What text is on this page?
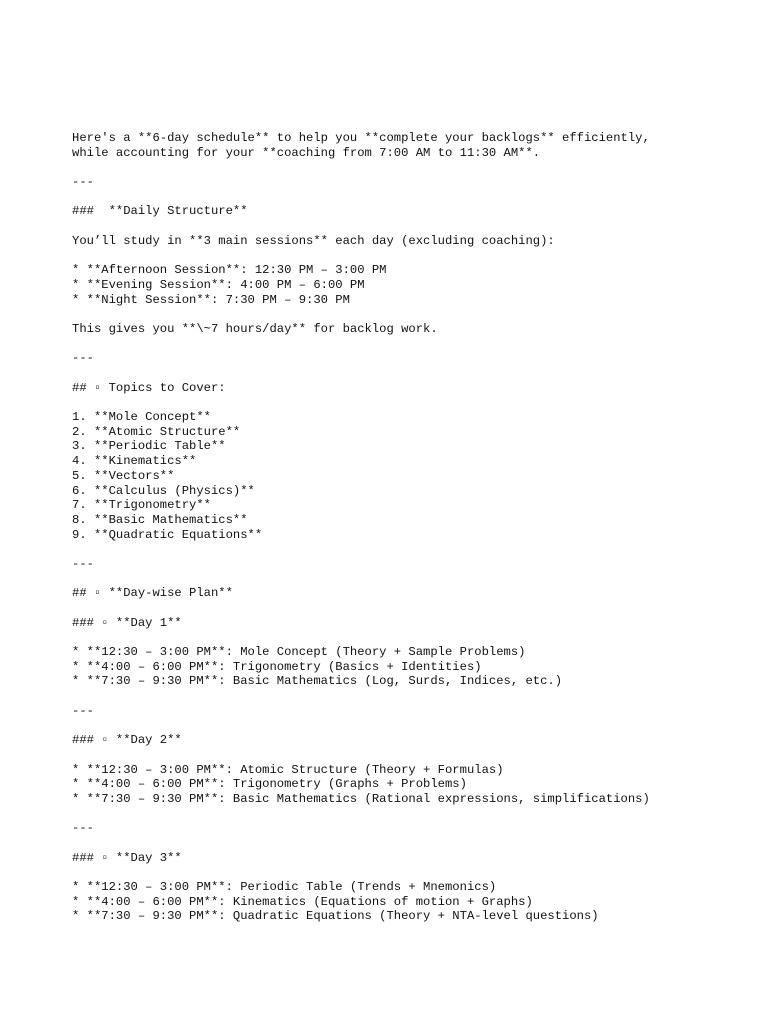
Here's a **6-day schedule** to help you **complete your backlogs** efficiently,
while accounting for your **coaching from 7:00 AM to 11:30 AM**.
---
###  **Daily Structure**
You’ll study in **3 main sessions** each day (excluding coaching):
* **Afternoon Session**: 12:30 PM – 3:00 PM
* **Evening Session**: 4:00 PM – 6:00 PM
* **Night Session**: 7:30 PM – 9:30 PM
This gives you **\~7 hours/day** for backlog work.
---
## ▫ Topics to Cover:
1. **Mole Concept**
2. **Atomic Structure**
3. **Periodic Table**
4. **Kinematics**
5. **Vectors**
6. **Calculus (Physics)**
7. **Trigonometry**
8. **Basic Mathematics**
9. **Quadratic Equations**
---
## ▫ **Day-wise Plan**
### ▫ **Day 1**
* **12:30 – 3:00 PM**: Mole Concept (Theory + Sample Problems)
* **4:00 – 6:00 PM**: Trigonometry (Basics + Identities)
* **7:30 – 9:30 PM**: Basic Mathematics (Log, Surds, Indices, etc.)
---
### ▫ **Day 2**
* **12:30 – 3:00 PM**: Atomic Structure (Theory + Formulas)
* **4:00 – 6:00 PM**: Trigonometry (Graphs + Problems)
* **7:30 – 9:30 PM**: Basic Mathematics (Rational expressions, simplifications)
---
### ▫ **Day 3**
* **12:30 – 3:00 PM**: Periodic Table (Trends + Mnemonics)
* **4:00 – 6:00 PM**: Kinematics (Equations of motion + Graphs)
* **7:30 – 9:30 PM**: Quadratic Equations (Theory + NTA-level questions)
